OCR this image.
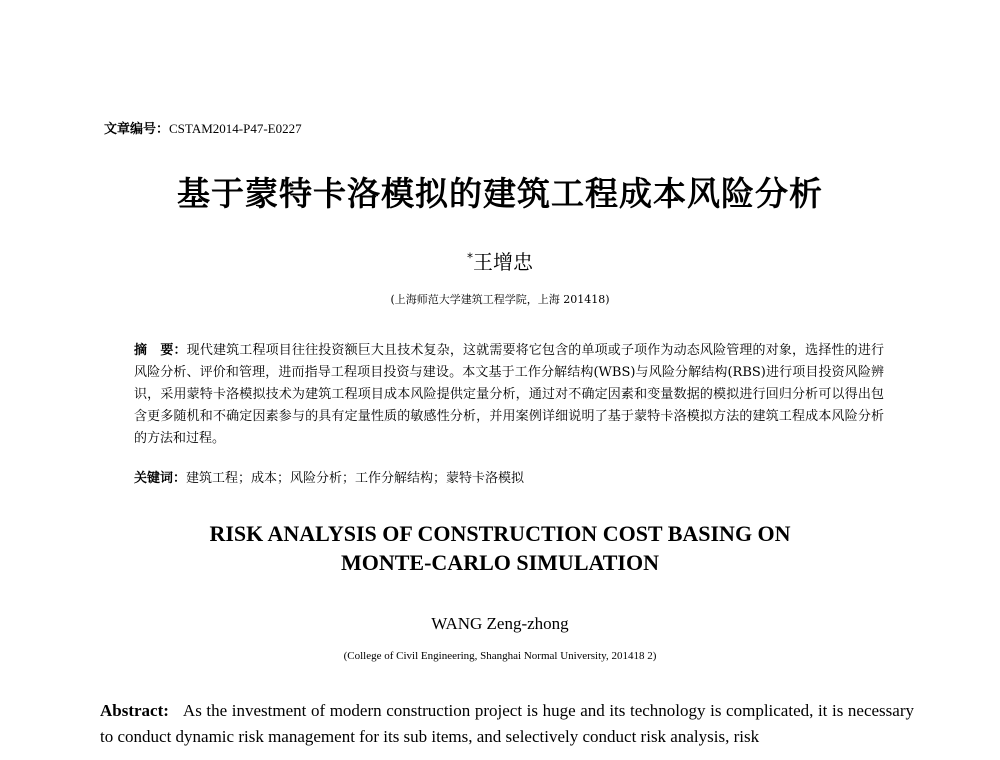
文章编号：CSTAM2014-P47-E0227
基于蒙特卡洛模拟的建筑工程成本风险分析
*王增忠
(上海师范大学建筑工程学院，上海 201418)
摘　要：现代建筑工程项目往往投资额巨大且技术复杂，这就需要将它包含的单项或子项作为动态风险管理的对象，选择性的进行风险分析、评价和管理，进而指导工程项目投资与建设。本文基于工作分解结构(WBS)与风险分解结构(RBS)进行项目投资风险辨识，采用蒙特卡洛模拟技术为建筑工程项目成本风险提供定量分析，通过对不确定因素和变量数据的模拟进行回归分析可以得出包含更多随机和不确定因素参与的具有定量性质的敏感性分析，并用案例详细说明了基于蒙特卡洛模拟方法的建筑工程成本风险分析的方法和过程。
关键词：建筑工程；成本；风险分析；工作分解结构；蒙特卡洛模拟
RISK ANALYSIS OF CONSTRUCTION COST BASING ON
MONTE-CARLO SIMULATION
WANG Zeng-zhong
(College of Civil Engineering, Shanghai Normal University, 201418 2)
Abstract: As the investment of modern construction project is huge and its technology is complicated, it is necessary to conduct dynamic risk management for its sub items, and selectively conduct risk analysis, risk
